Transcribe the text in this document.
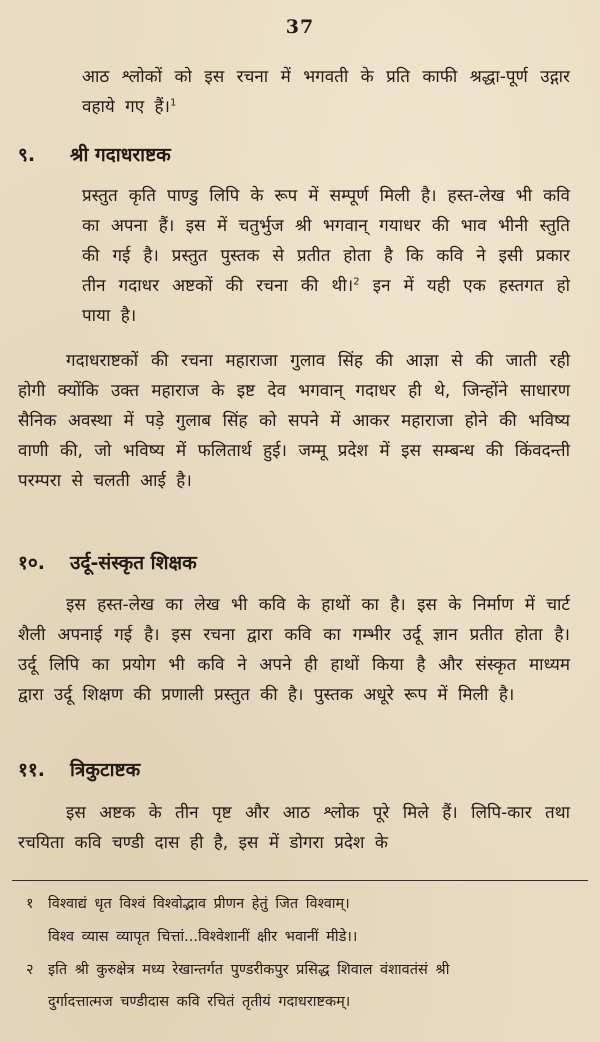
37

आठ श्लोकों को इस रचना में भगवती के प्रति काफी श्रद्धा-पूर्ण उद्गार वहाये गए हैं।$^1$

९. श्री गदाधराष्टक

प्रस्तुत कृति पाण्डु लिपि के रूप में सम्पूर्ण मिली है। हस्त-लेख भी कवि का अपना हैं। इस में चतुर्भुज श्री भगवान् गयाधर की भाव भीनी स्तुति की गई है। प्रस्तुत पुस्तक से प्रतीत होता है कि कवि ने इसी प्रकार तीन गदाधर अष्टकों की रचना की थी।$^2$ इन में यही एक हस्तगत हो पाया है।

गदाधराष्टकों की रचना महाराजा गुलाव सिंह की आज्ञा से की जाती रही होगी क्योंकि उक्त महाराज के इष्ट देव भगवान् गदाधर ही थे, जिन्होंने साधारण सैनिक अवस्था में पड़े गुलाब सिंह को सपने में आकर महाराजा होने की भविष्य वाणी की, जो भविष्य में फलितार्थ हुई। जम्मू प्रदेश में इस सम्बन्ध की किंवदन्ती परम्परा से चलती आई है।

१०. उर्दू-संस्कृत शिक्षक

इस हस्त-लेख का लेख भी कवि के हाथों का है। इस के निर्माण में चार्ट शैली अपनाई गई है। इस रचना द्वारा कवि का गम्भीर उर्दू ज्ञान प्रतीत होता है। उर्दू लिपि का प्रयोग भी कवि ने अपने ही हाथों किया है और संस्कृत माध्यम द्वारा उर्दू शिक्षण की प्रणाली प्रस्तुत की है। पुस्तक अधूरे रूप में मिली है।

११. त्रिकुटाष्टक

इस अष्टक के तीन पृष्ट और आठ श्लोक पूरे मिले हैं। लिपि-कार तथा रचयिता कवि चण्डी दास ही है, इस में डोगरा प्रदेश के

१ विश्वाद्यं धृत विश्वं विश्वोद्भाव प्रीणन हेतुं जित विश्वाम्।

विश्व व्यास व्यापृत चित्तां...विश्वेशानीं क्षीर भवानीं मीडे।।

२ इति श्री कुरुक्षेत्र मध्य रेखान्तर्गत पुण्डरीकपुर प्रसिद्ध शिवाल वंशावतंसं श्री

दुर्गादत्तात्मज चण्डीदास कवि रचितं तृतीयं गदाधराष्टकम्।
